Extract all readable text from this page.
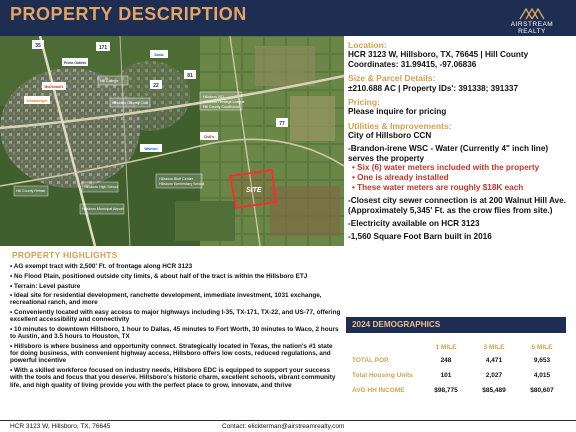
PROPERTY DESCRIPTION
AIRSTREAM REALTY
35	171
22
77
81
SITE
Hillsboro ISD
Hillsboro Heritage League
Hill County Courthouse
Hillsboro Bluff Center
Hillsboro Elementary School
Hillsboro High School
Hill College
Hillsboro Municipal Airport
Hill County Rehab
Hillsboro Country Club
Walmart
Chili's
McDonald's
Whataburger
Sonic
Prime Outlets
Location:
HCR 3123 W, Hillsboro, TX, 76645 | Hill County
Coordinates: 31.99415, -97.06836
Size & Parcel Details:
±210.688 AC | Property IDs': 391338; 391337
Pricing:
Please inquire for pricing
Utilities & Improvements:
City of Hillsboro CCN
-Brandon-irene WSC - Water (Currently 4" inch line) serves the property
• Six (6) water meters included with the property
• One is already installed
• These water meters are roughly $18K each
-Closest city sewer connection is at 200 Walnut Hill Ave. (Approximately 5,345' Ft. as the crow flies from site.)
-Electricity available on HCR 3123
-1,560 Square Foot Barn built in 2016
PROPERTY HIGHLIGHTS
• AG exempt tract with 2,500' Ft. of frontage along HCR 3123
• No Flood Plain, positioned outside city limits, & about half of the tract is within the Hillsboro ETJ
• Terrain: Level pasture
• Ideal site for residential development, ranchette development, immediate investment, 1031 exchange, recreational ranch, and more
• Conveniently located with easy access to major highways including I-35, TX-171, TX-22, and US-77, offering excellent accessibility and connectivity
• 10 minutes to downtown Hillsboro, 1 hour to Dallas, 45 minutes to Fort Worth, 30 minutes to Waco, 2 hours to Austin, and 3.5 hours to Houston, TX
• Hillsboro is where business and opportunity connect. Strategically located in Texas, the nation's #1 state for doing business, with convenient highway access, Hillsboro offers low costs, reduced regulations, and powerful incentive
• With a skilled workforce focused on industry needs, Hillsboro EDC is equipped to support your success with the tools and focus that you deserve. Hillsboro's historic charm, excellent schools, vibrant community life, and high quality of living provide you with the perfect place to grow, innovate, and thrive
2024 DEMOGRAPHICS
	1 MILE	3 MILE	5 MILE
TOTAL POP.	248	4,471	9,653
Total Housing Units	101	2,027	4,015
AVG HH INCOME	$98,775	$85,489	$80,607
HCR 3123 W, Hillsboro, TX, 76645	Contact: elickterman@airstreamrealty.com
